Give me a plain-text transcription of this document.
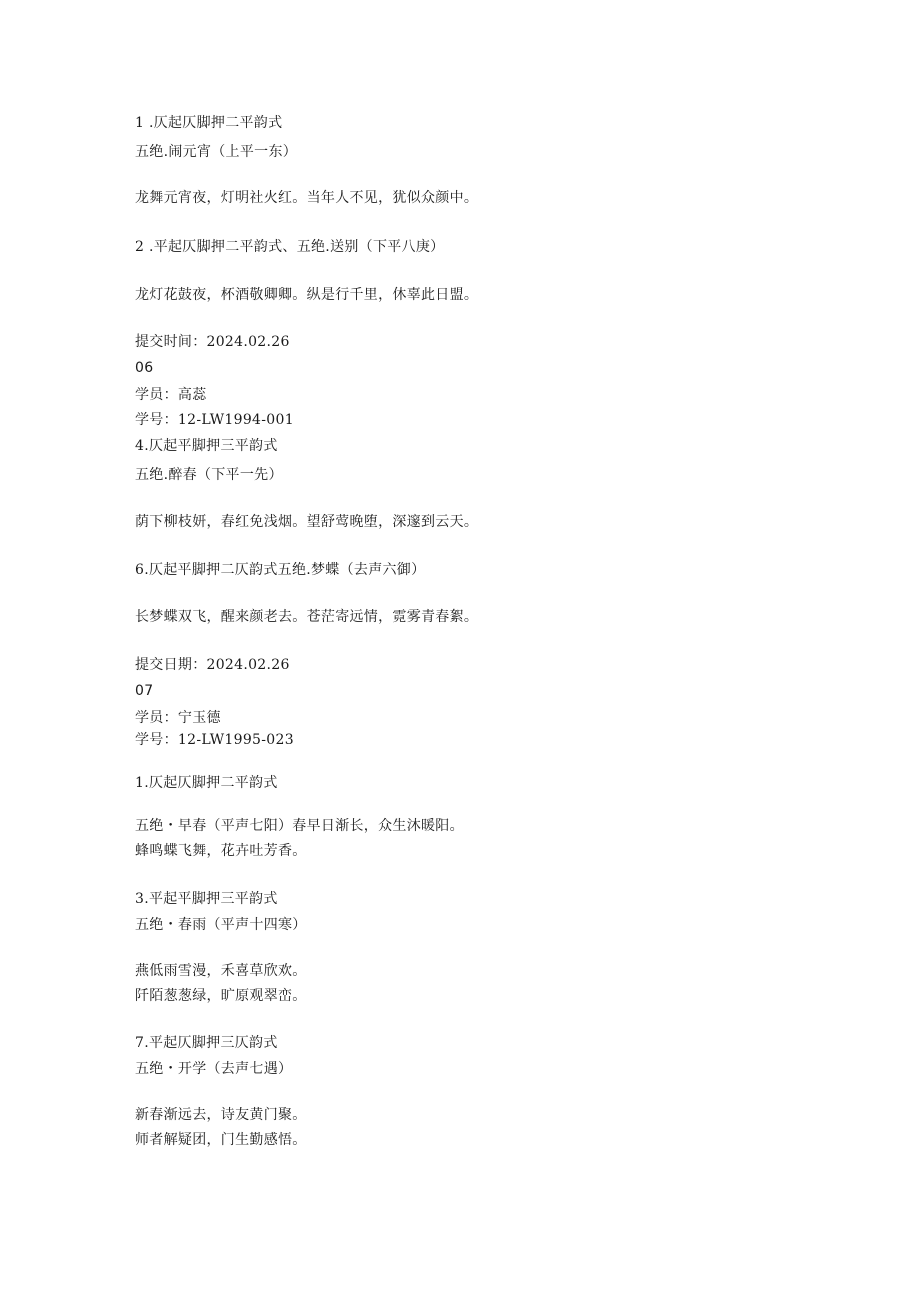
1 .仄起仄脚押二平韵式

五绝.闹元宵（上平一东）

龙舞元宵夜，灯明社火红。当年人不见，犹似众颜中。

2 .平起仄脚押二平韵式、五绝.送别（下平八庚）

龙灯花鼓夜，杯酒敬卿卿。纵是行千里，休辜此日盟。

提交时间：2024.02.26

06

学员：高蕊

学号：12-LW1994-001

4.仄起平脚押三平韵式

五绝.醉春（下平一先）

荫下柳枝妍，春红免浅烟。望舒莺晚堕，深邃到云天。

6.仄起平脚押二仄韵式五绝.梦蝶（去声六御）

长梦蝶双飞，醒来颜老去。苍茫寄远情，霓雾青春絮。

提交日期：2024.02.26

07

学员：宁玉德

学号：12-LW1995-023

1.仄起仄脚押二平韵式

五绝・早春（平声七阳）春早日渐长，众生沐暖阳。

蜂鸣蝶飞舞，花卉吐芳香。

3.平起平脚押三平韵式

五绝・春雨（平声十四寒）

燕低雨雪漫，禾喜草欣欢。

阡陌葱葱绿，旷原观翠峦。

7.平起仄脚押三仄韵式

五绝・开学（去声七遇）

新春渐远去，诗友黄门聚。

师者解疑团，门生勤感悟。
